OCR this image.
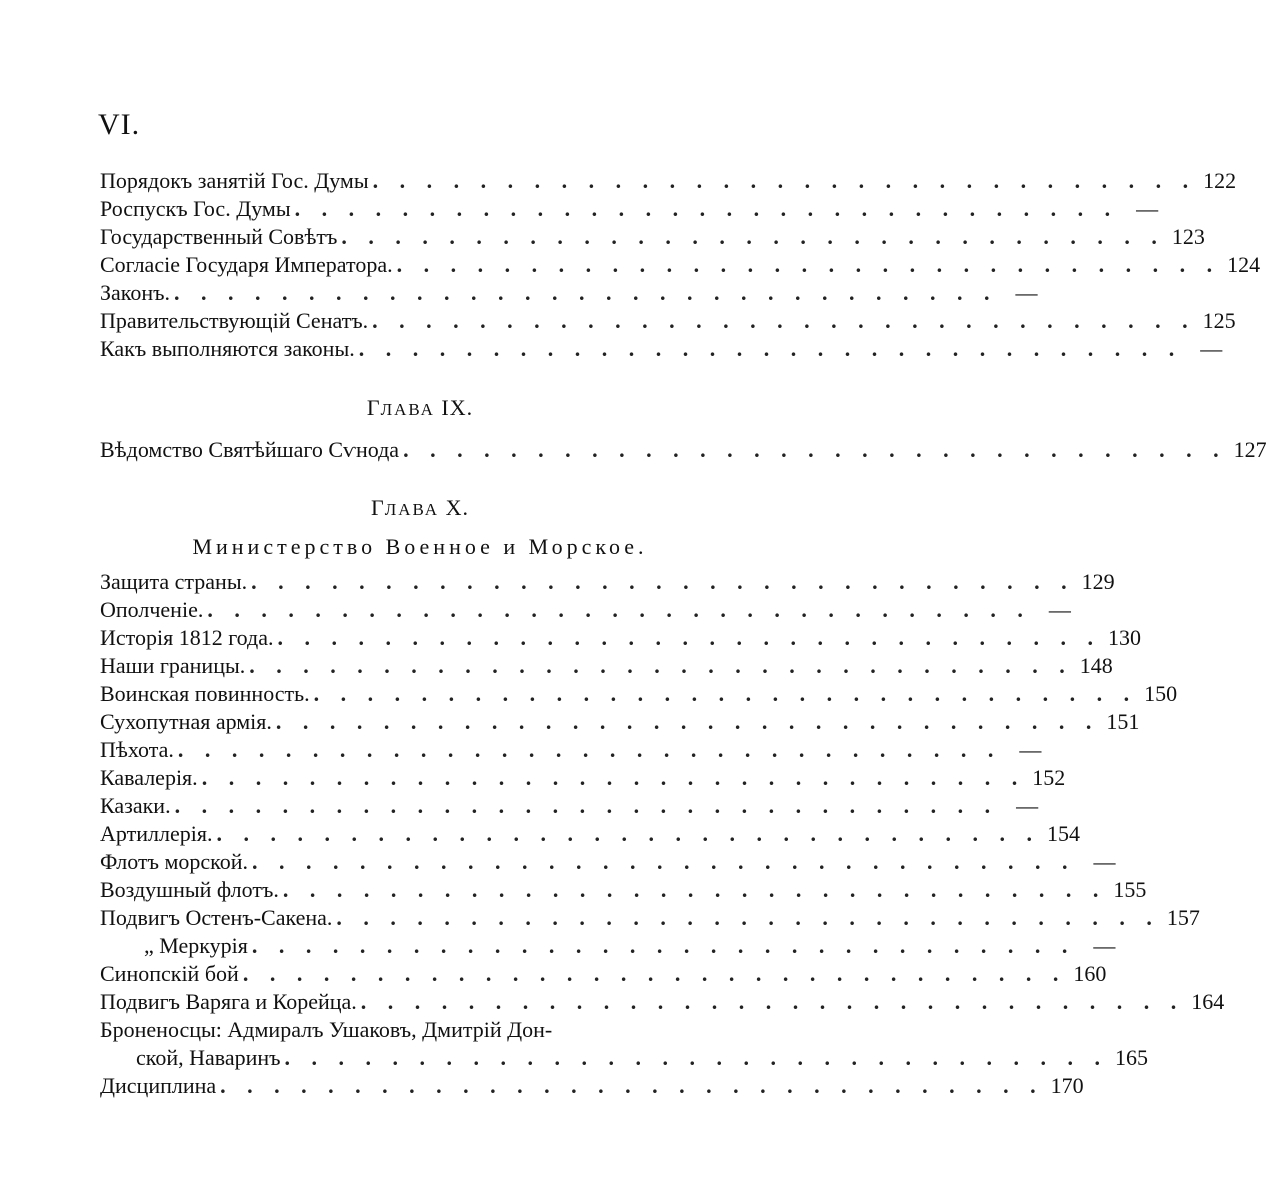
VI.
Порядокъ занятій Гос. Думы . . . . . . . . . . . . . . . . . . . . . . . . . . . . . . . 122
Роспускъ Гос. Думы . . . . . . . . . . . . . . . . . . . . . . . . . . . . . . . —
Государственный Совѣтъ . . . . . . . . . . . . . . . . . . . . . . . . . . . . . . . 123
Согласіе Государя Императора. . . . . . . . . . . . . . . . . . . . . . . . . . . . . . . . 124
Законъ. . . . . . . . . . . . . . . . . . . . . . . . . . . . . . . . —
Правительствующій Сенатъ. . . . . . . . . . . . . . . . . . . . . . . . . . . . . . . . 125
Какъ выполняются законы. . . . . . . . . . . . . . . . . . . . . . . . . . . . . . . . —
ГЛАВА IX.
Вѣдомство Святѣйшаго Сѵнода . . . . . . . . . . . . . . . . . . . . . . . . . . . . . . . 127
ГЛАВА X.
Министерство Военное и Морское.
Защита страны. . . . . . . . . . . . . . . . . . . . . . . . . . . . . . . . 129
Ополченіе. . . . . . . . . . . . . . . . . . . . . . . . . . . . . . . . —
Исторія 1812 года. . . . . . . . . . . . . . . . . . . . . . . . . . . . . . . . 130
Наши границы. . . . . . . . . . . . . . . . . . . . . . . . . . . . . . . . 148
Воинская повинность. . . . . . . . . . . . . . . . . . . . . . . . . . . . . . . . 150
Сухопутная армія. . . . . . . . . . . . . . . . . . . . . . . . . . . . . . . . 151
Пѣхота. . . . . . . . . . . . . . . . . . . . . . . . . . . . . . . . —
Кавалерія. . . . . . . . . . . . . . . . . . . . . . . . . . . . . . . . 152
Казаки. . . . . . . . . . . . . . . . . . . . . . . . . . . . . . . . —
Артиллерія. . . . . . . . . . . . . . . . . . . . . . . . . . . . . . . . 154
Флотъ морской. . . . . . . . . . . . . . . . . . . . . . . . . . . . . . . . —
Воздушный флотъ. . . . . . . . . . . . . . . . . . . . . . . . . . . . . . . . 155
Подвигъ Остенъ-Сакена. . . . . . . . . . . . . . . . . . . . . . . . . . . . . . . . 157
„ Меркурія . . . . . . . . . . . . . . . . . . . . . . . . . . . . . . . —
Синопскій бой . . . . . . . . . . . . . . . . . . . . . . . . . . . . . . . 160
Подвигъ Варяга и Корейца. . . . . . . . . . . . . . . . . . . . . . . . . . . . . . . . 164
Броненосцы: Адмиралъ Ушаковъ, Дмитрій Дон-
ской, Наваринъ . . . . . . . . . . . . . . . . . . . . . . . . . . . . . . . 165
Дисциплина . . . . . . . . . . . . . . . . . . . . . . . . . . . . . . . 170
